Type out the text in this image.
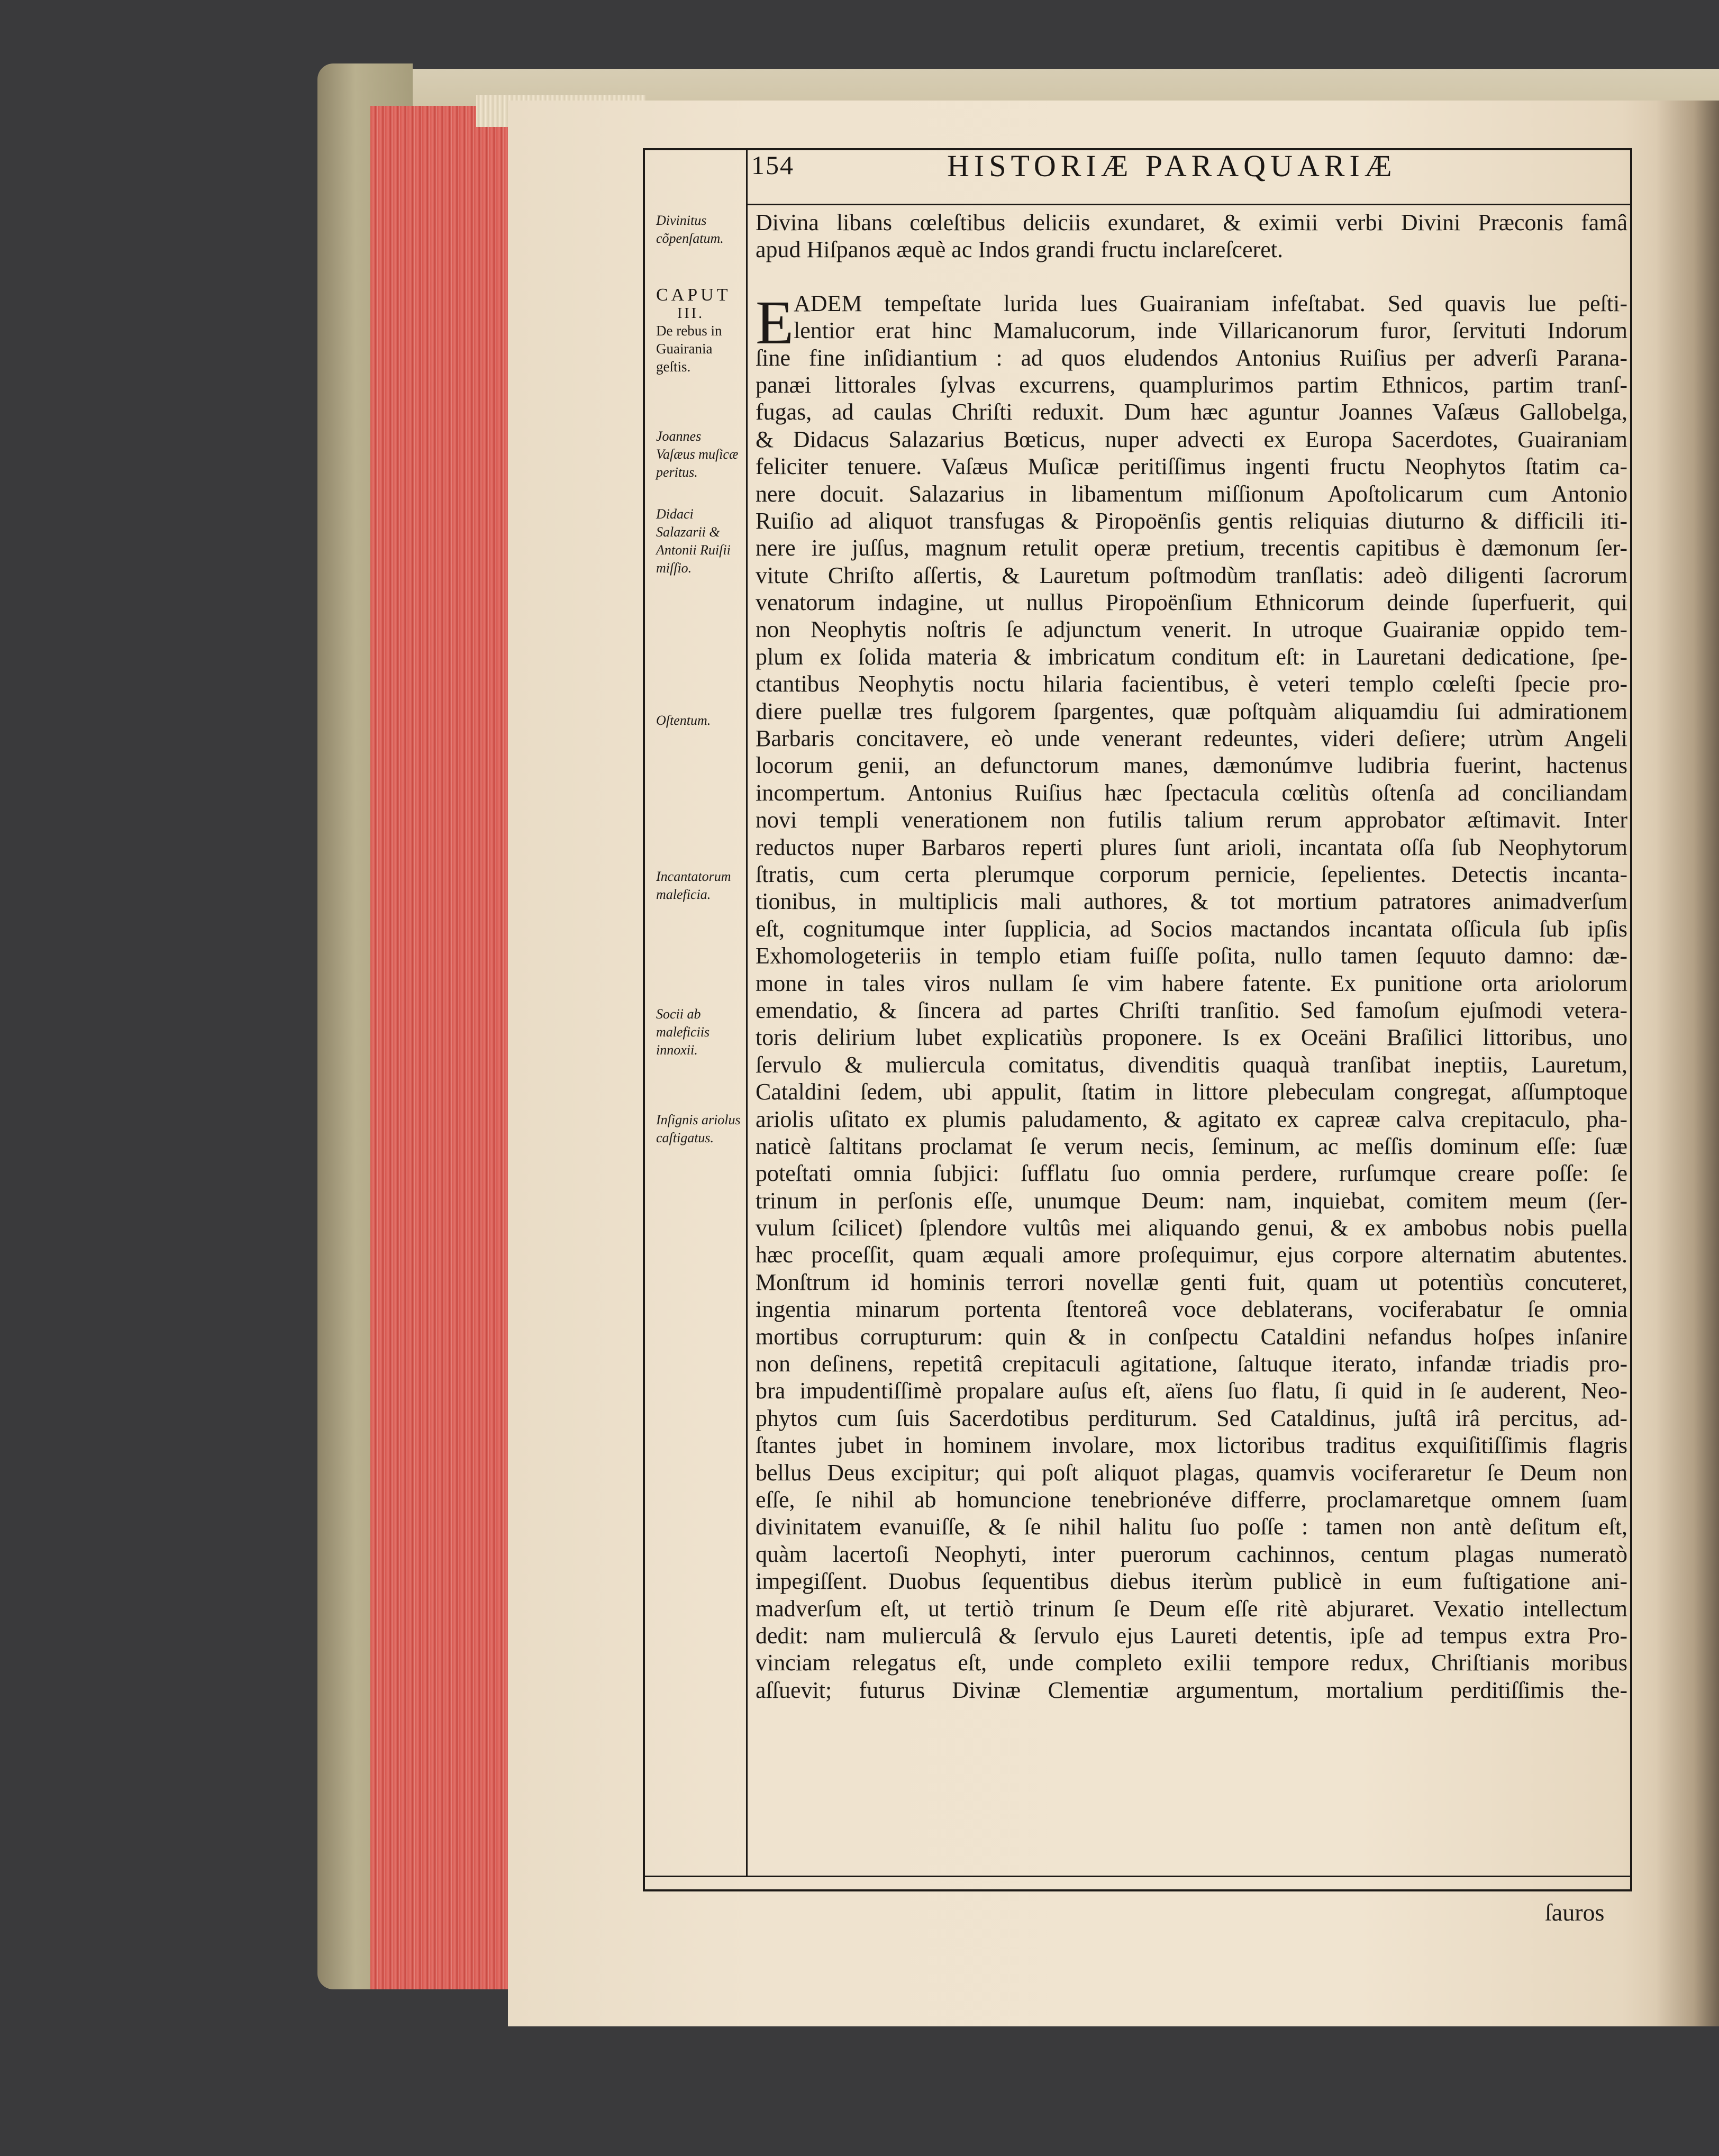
154	HISTORIÆ PARAQUARIÆ
Divinitus cõpenſatum.
CAPUT
III.
De rebus in Guairania geſtis.
Joannes Vaſæus muſicæ peritus.
Didaci Salazarii & Antonii Ruiſii miſſio.
Oſtentum.
Incantatorum maleficia.
Socii ab maleficiis innoxii.
Inſignis ariolus caſtigatus.
E
Divina libans cœleſtibus deliciis exundaret, & eximii verbi Divini Præconis famâ
apud Hiſpanos æquè ac Indos grandi fructu inclareſceret.
ADEM tempeſtate lurida lues Guairaniam infeſtabat. Sed quavis lue peſti-
lentior erat hinc Mamalucorum, inde Villaricanorum furor, ſervituti Indorum
ſine fine inſidiantium : ad quos eludendos Antonius Ruiſius per adverſi Parana-
panæi littorales ſylvas excurrens, quamplurimos partim Ethnicos, partim tranſ-
fugas, ad caulas Chriſti reduxit. Dum hæc aguntur Joannes Vaſæus Gallobelga,
& Didacus Salazarius Bœticus, nuper advecti ex Europa Sacerdotes, Guairaniam
feliciter tenuere. Vaſæus Muſicæ peritiſſimus ingenti fructu Neophytos ſtatim ca-
nere docuit. Salazarius in libamentum miſſionum Apoſtolicarum cum Antonio
Ruiſio ad aliquot transfugas & Piropoënſis gentis reliquias diuturno & difficili iti-
nere ire juſſus, magnum retulit operæ pretium, trecentis capitibus è dæmonum ſer-
vitute Chriſto aſſertis, & Lauretum poſtmodùm tranſlatis: adeò diligenti ſacrorum
venatorum indagine, ut nullus Piropoënſium Ethnicorum deinde ſuperfuerit, qui
non Neophytis noſtris ſe adjunctum venerit. In utroque Guairaniæ oppido tem-
plum ex ſolida materia & imbricatum conditum eſt: in Lauretani dedicatione, ſpe-
ctantibus Neophytis noctu hilaria facientibus, è veteri templo cœleſti ſpecie pro-
diere puellæ tres fulgorem ſpargentes, quæ poſtquàm aliquamdiu ſui admirationem
Barbaris concitavere, eò unde venerant redeuntes, videri deſiere; utrùm Angeli
locorum genii, an defunctorum manes, dæmonúmve ludibria fuerint, hactenus
incompertum. Antonius Ruiſius hæc ſpectacula cœlitùs oſtenſa ad conciliandam
novi templi venerationem non futilis talium rerum approbator æſtimavit. Inter
reductos nuper Barbaros reperti plures ſunt arioli, incantata oſſa ſub Neophytorum
ſtratis, cum certa plerumque corporum pernicie, ſepelientes. Detectis incanta-
tionibus, in multiplicis mali authores, & tot mortium patratores animadverſum
eſt, cognitumque inter ſupplicia, ad Socios mactandos incantata oſſicula ſub ipſis
Exhomologeteriis in templo etiam fuiſſe poſita, nullo tamen ſequuto damno: dæ-
mone in tales viros nullam ſe vim habere fatente. Ex punitione orta ariolorum
emendatio, & ſincera ad partes Chriſti tranſitio. Sed famoſum ejuſmodi vetera-
toris delirium lubet explicatiùs proponere. Is ex Oceäni Braſilici littoribus, uno
ſervulo & muliercula comitatus, divenditis quaquà tranſibat ineptiis, Lauretum,
Cataldini ſedem, ubi appulit, ſtatim in littore plebeculam congregat, aſſumptoque
ariolis uſitato ex plumis paludamento, & agitato ex capreæ calva crepitaculo, pha-
naticè ſaltitans proclamat ſe verum necis, ſeminum, ac meſſis dominum eſſe: ſuæ
poteſtati omnia ſubjici: ſufflatu ſuo omnia perdere, rurſumque creare poſſe: ſe
trinum in perſonis eſſe, unumque Deum: nam, inquiebat, comitem meum (ſer-
vulum ſcilicet) ſplendore vultûs mei aliquando genui, & ex ambobus nobis puella
hæc proceſſit, quam æquali amore proſequimur, ejus corpore alternatim abutentes.
Monſtrum id hominis terrori novellæ genti fuit, quam ut potentiùs concuteret,
ingentia minarum portenta ſtentoreâ voce deblaterans, vociferabatur ſe omnia
mortibus corrupturum: quin & in conſpectu Cataldini nefandus hoſpes inſanire
non deſinens, repetitâ crepitaculi agitatione, ſaltuque iterato, infandæ triadis pro-
bra impudentiſſimè propalare auſus eſt, aïens ſuo flatu, ſi quid in ſe auderent, Neo-
phytos cum ſuis Sacerdotibus perditurum. Sed Cataldinus, juſtâ irâ percitus, ad-
ſtantes jubet in hominem involare, mox lictoribus traditus exquiſitiſſimis flagris
bellus Deus excipitur; qui poſt aliquot plagas, quamvis vociferaretur ſe Deum non
eſſe, ſe nihil ab homuncione tenebrionéve differre, proclamaretque omnem ſuam
divinitatem evanuiſſe, & ſe nihil halitu ſuo poſſe : tamen non antè deſitum eſt,
quàm lacertoſi Neophyti, inter puerorum cachinnos, centum plagas numeratò
impegiſſent. Duobus ſequentibus diebus iterùm publicè in eum fuſtigatione ani-
madverſum eſt, ut tertiò trinum ſe Deum eſſe ritè abjuraret. Vexatio intellectum
dedit: nam mulierculâ & ſervulo ejus Laureti detentis, ipſe ad tempus extra Pro-
vinciam relegatus eſt, unde completo exilii tempore redux, Chriſtianis moribus
aſſuevit; futurus Divinæ Clementiæ argumentum, mortalium perditiſſimis the-
ſauros
